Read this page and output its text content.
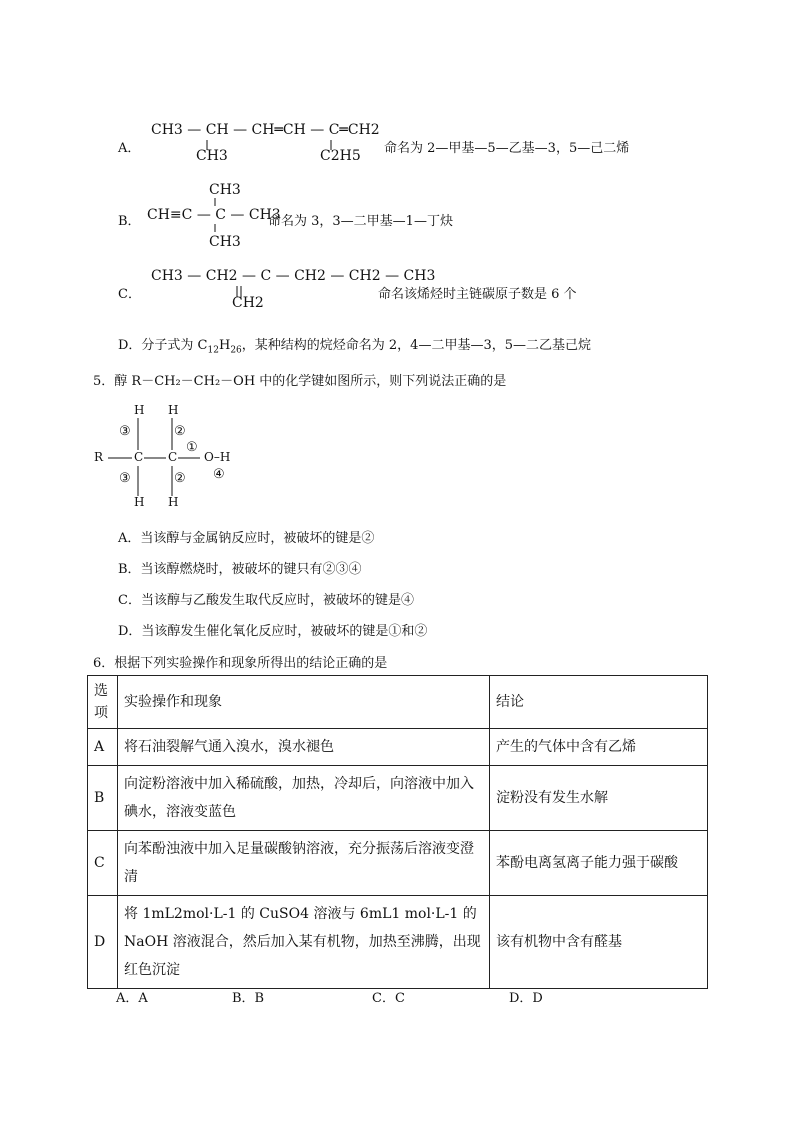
A．
CH3 — CH — CH═CH — C═CH2
CH3	C2H5 命名为 2—甲基—5—乙基—3，5—己二烯
B．
CH3
CH≡C — C — CH3
CH3
命名为 3，3—二甲基—1—丁炔
C．
CH3 — CH2 — C — CH2 — CH2 — CH3
CH2
命名该烯烃时主链碳原子数是 6 个
D．分子式为 $C_{12}H_{26}$，某种结构的烷烃命名为 2，4—二甲基—3，5—二乙基己烷
5．醇 R－CH₂－CH₂－OH 中的化学键如图所示，则下列说法正确的是
R	C C O–H
H H
H H
③
③
②
②
①
④
A．当该醇与金属钠反应时，被破坏的键是②
B．当该醇燃烧时，被破坏的键只有②③④
C．当该醇与乙酸发生取代反应时，被破坏的键是④
D．当该醇发生催化氧化反应时，被破坏的键是①和②
6．根据下列实验操作和现象所得出的结论正确的是
选项	实验操作和现象	结论
A	将石油裂解气通入溴水，溴水褪色	产生的气体中含有乙烯
B	向淀粉溶液中加入稀硫酸，加热，冷却后，向溶液中加入碘水，溶液变蓝色	淀粉没有发生水解
C	向苯酚浊液中加入足量碳酸钠溶液，充分振荡后溶液变澄清	苯酚电离氢离子能力强于碳酸
D	将 1mL2mol·L-1 的 CuSO4 溶液与 6mL1 mol·L-1 的 NaOH 溶液混合，然后加入某有机物，加热至沸腾，出现红色沉淀	该有机物中含有醛基
A．A	B．B	C．C	D．D
